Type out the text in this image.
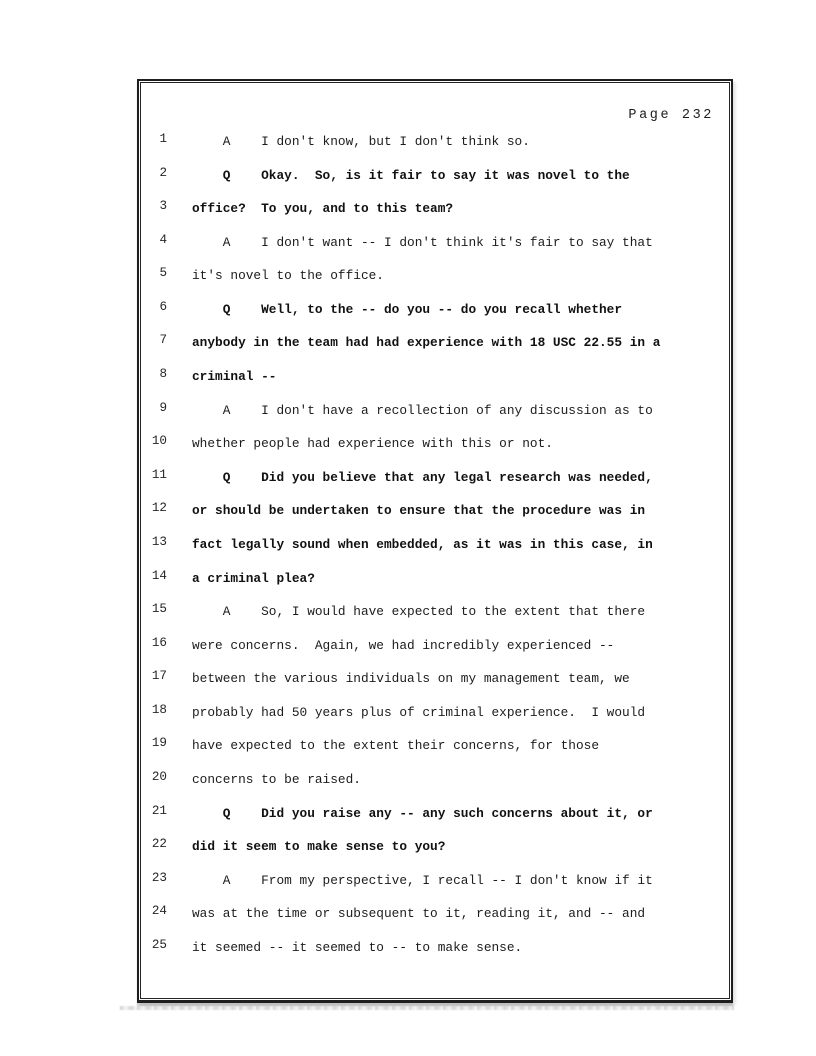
Page 232
1 A    I don't know, but I don't think so.
2 Q    Okay.  So, is it fair to say it was novel to the
3 office?  To you, and to this team?
4 A    I don't want -- I don't think it's fair to say that
5 it's novel to the office.
6 Q    Well, to the -- do you -- do you recall whether
7 anybody in the team had had experience with 18 USC 22.55 in a
8 criminal --
9 A    I don't have a recollection of any discussion as to
10 whether people had experience with this or not.
11 Q    Did you believe that any legal research was needed,
12 or should be undertaken to ensure that the procedure was in
13 fact legally sound when embedded, as it was in this case, in
14 a criminal plea?
15 A    So, I would have expected to the extent that there
16 were concerns.  Again, we had incredibly experienced --
17 between the various individuals on my management team, we
18 probably had 50 years plus of criminal experience.  I would
19 have expected to the extent their concerns, for those
20 concerns to be raised.
21 Q    Did you raise any -- any such concerns about it, or
22 did it seem to make sense to you?
23 A    From my perspective, I recall -- I don't know if it
24 was at the time or subsequent to it, reading it, and -- and
25 it seemed -- it seemed to -- to make sense.
